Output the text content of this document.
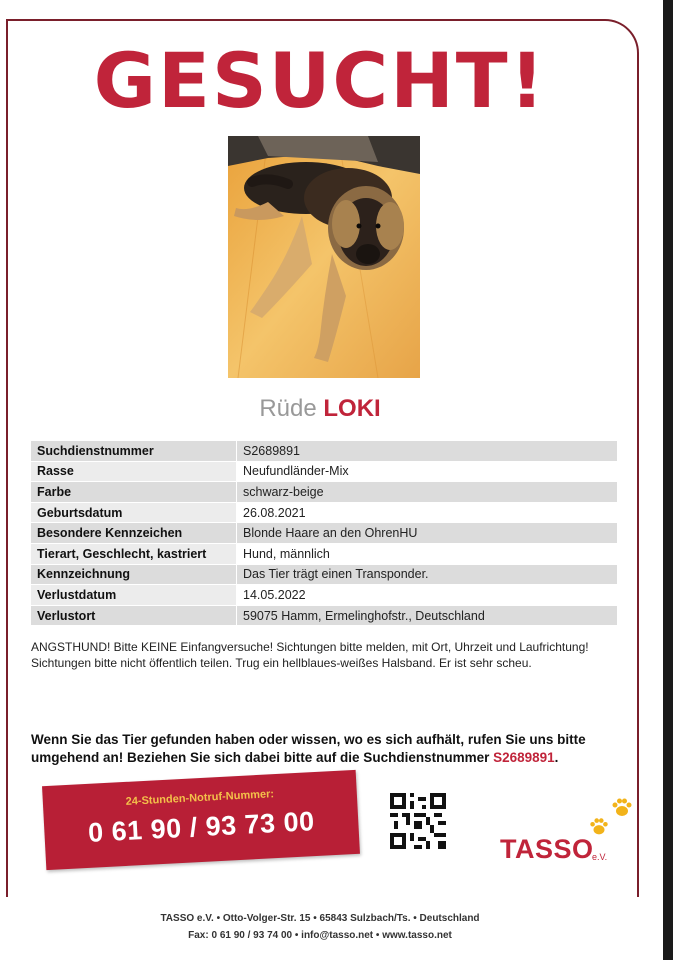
GESUCHT!
Rüde LOKI
Suchdienstnummer	S2689891
Rasse	Neufundländer-Mix
Farbe	schwarz-beige
Geburtsdatum	26.08.2021
Besondere Kennzeichen	Blonde Haare an den OhrenHU
Tierart, Geschlecht, kastriert	Hund, männlich
Kennzeichnung	Das Tier trägt einen Transponder.
Verlustdatum	14.05.2022
Verlustort	59075 Hamm, Ermelinghofstr., Deutschland
ANGSTHUND! Bitte KEINE Einfangversuche! Sichtungen bitte melden, mit Ort, Uhrzeit und Laufrichtung! Sichtungen bitte nicht öffentlich teilen. Trug ein hellblaues-weißes Halsband. Er ist sehr scheu.
Wenn Sie das Tier gefunden haben oder wissen, wo es sich aufhält, rufen Sie uns bitte umgehend an! Beziehen Sie sich dabei bitte auf die Suchdienstnummer S2689891.
24-Stunden-Notruf-Nummer:
0 61 90 / 93 73 00
TASSO
e.V.
TASSO e.V. • Otto-Volger-Str. 15 • 65843 Sulzbach/Ts. • Deutschland
Fax: 0 61 90 / 93 74 00 • info@tasso.net • www.tasso.net
